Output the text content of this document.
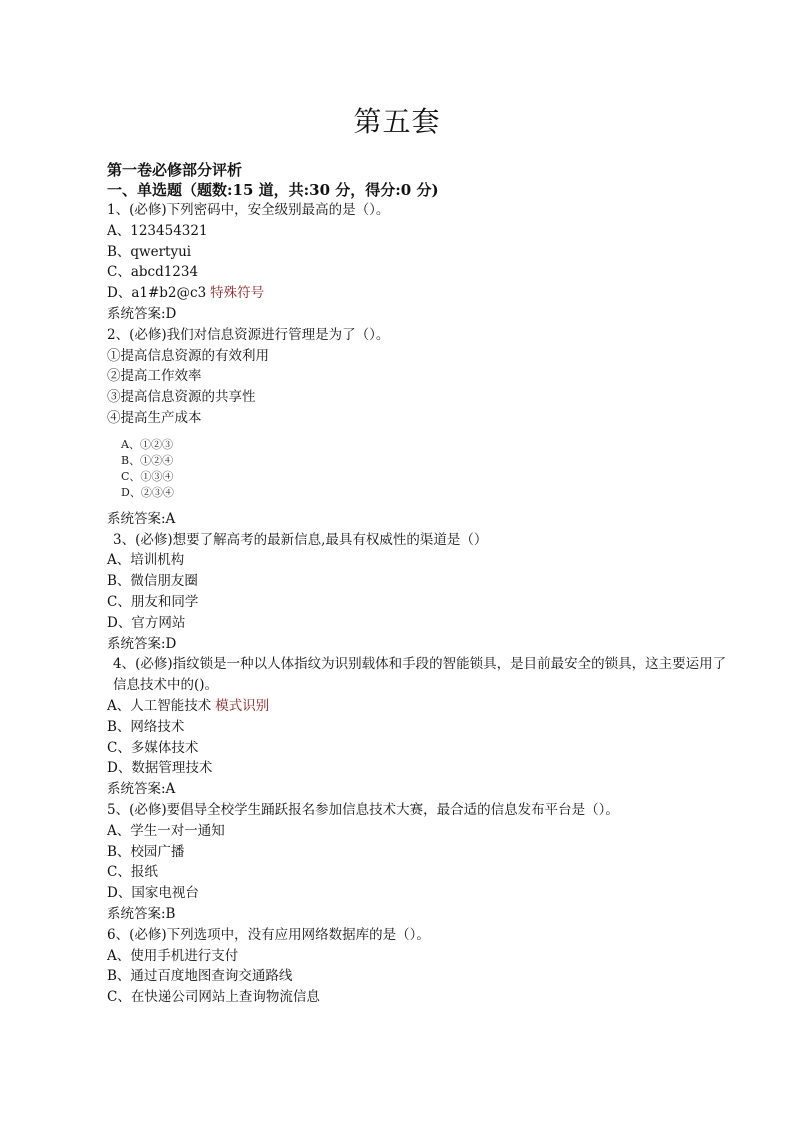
第五套

第一卷必修部分评析

一、单选题（题数:15 道，共:30 分，得分:0 分)

1、(必修)下列密码中，安全级别最高的是（）。

A、123454321

B、qwertyui

C、abcd1234

D、a1#b2@c3 特殊符号

系统答案:D

2、(必修)我们对信息资源进行管理是为了（）。

①提高信息资源的有效利用

②提高工作效率

③提高信息资源的共享性

④提高生产成本

A、①②③

B、①②④

C、①③④

D、②③④

系统答案:A

3、(必修)想要了解高考的最新信息,最具有权威性的渠道是（）

A、培训机构

B、微信朋友圈

C、朋友和同学

D、官方网站

系统答案:D

4、(必修)指纹锁是一种以人体指纹为识别载体和手段的智能锁具，是目前最安全的锁具，这主要运用了信息技术中的()。

A、人工智能技术 模式识别

B、网络技术

C、多媒体技术

D、数据管理技术

系统答案:A

5、(必修)要倡导全校学生踊跃报名参加信息技术大赛，最合适的信息发布平台是（）。

A、学生一对一通知

B、校园广播

C、报纸

D、国家电视台

系统答案:B

6、(必修)下列选项中，没有应用网络数据库的是（）。

A、使用手机进行支付

B、通过百度地图查询交通路线

C、在快递公司网站上查询物流信息
